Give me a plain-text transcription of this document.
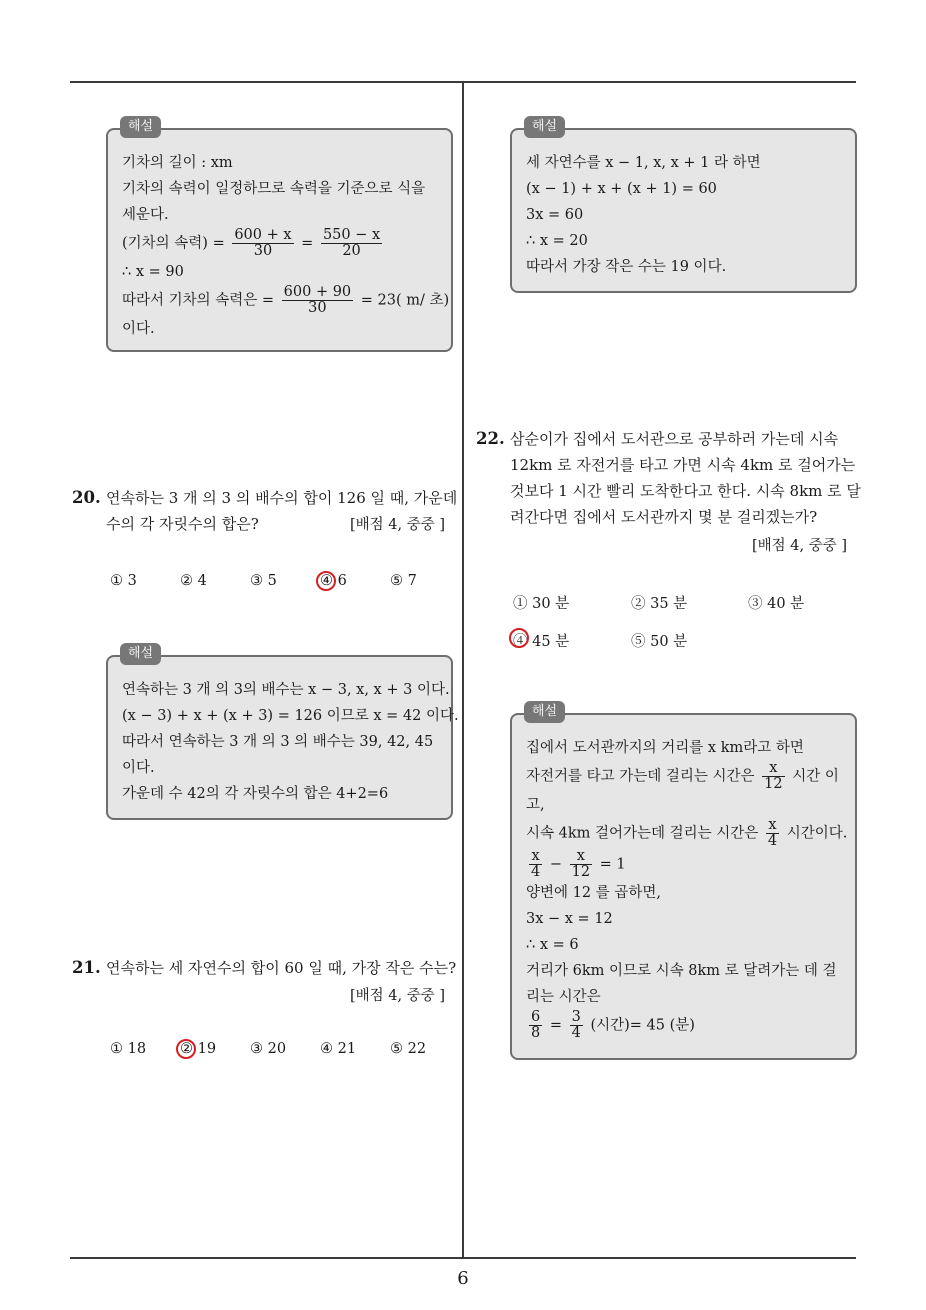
해설
기차의 길이 : xm
기차의 속력이 일정하므로 속력을 기준으로 식을
세운다.
(기차의 속력) = $\frac{600 + x}{30} = \frac{550 - x}{20}$
∴ x = 90
따라서 기차의 속력은 = $\frac{600 + 90}{30} = 23$( m/ 초)
이다.
20. 연속하는 3 개 의 3 의 배수의 합이 126 일 때, 가운데
수의 각 자릿수의 합은?	[배점 4, 중중 ]
① 3	② 4	③ 5	④ 6	⑤ 7
해설
연속하는 3 개 의 3의 배수는 x − 3, x, x + 3 이다.
(x − 3) + x + (x + 3) = 126 이므로 x = 42 이다.
따라서 연속하는 3 개 의 3 의 배수는 39, 42, 45
이다.
가운데 수 42의 각 자릿수의 합은 4+2=6
21. 연속하는 세 자연수의 합이 60 일 때, 가장 작은 수는?
[배점 4, 중중 ]
① 18 ② 19 ③ 20 ④ 21 ⑤ 22
해설
세 자연수를 x − 1, x, x + 1 라 하면
(x − 1) + x + (x + 1) = 60
3x = 60
∴ x = 20
따라서 가장 작은 수는 19 이다.
22. 삼순이가 집에서 도서관으로 공부하러 가는데 시속
12km 로 자전거를 타고 가면 시속 4km 로 걸어가는
것보다 1 시간 빨리 도착한다고 한다. 시속 8km 로 달
려간다면 집에서 도서관까지 몇 분 걸리겠는가?
[배점 4, 중중 ]
① 30 분	② 35 분	③ 40 분
④ 45 분	⑤ 50 분
해설
집에서 도서관까지의 거리를 x km라고 하면
자전거를 타고 가는데 걸리는 시간은 $\frac{x}{12}$ 시간 이
고,
시속 4km 걸어가는데 걸리는 시간은 $\frac{x}{4}$ 시간이다.
$\frac{x}{4} - \frac{x}{12} = 1$
양변에 12 를 곱하면,
3x − x = 12
∴ x = 6
거리가 6km 이므로 시속 8km 로 달려가는 데 걸
리는 시간은
$\frac{6}{8} = \frac{3}{4}$ (시간)= 45 (분)
6
